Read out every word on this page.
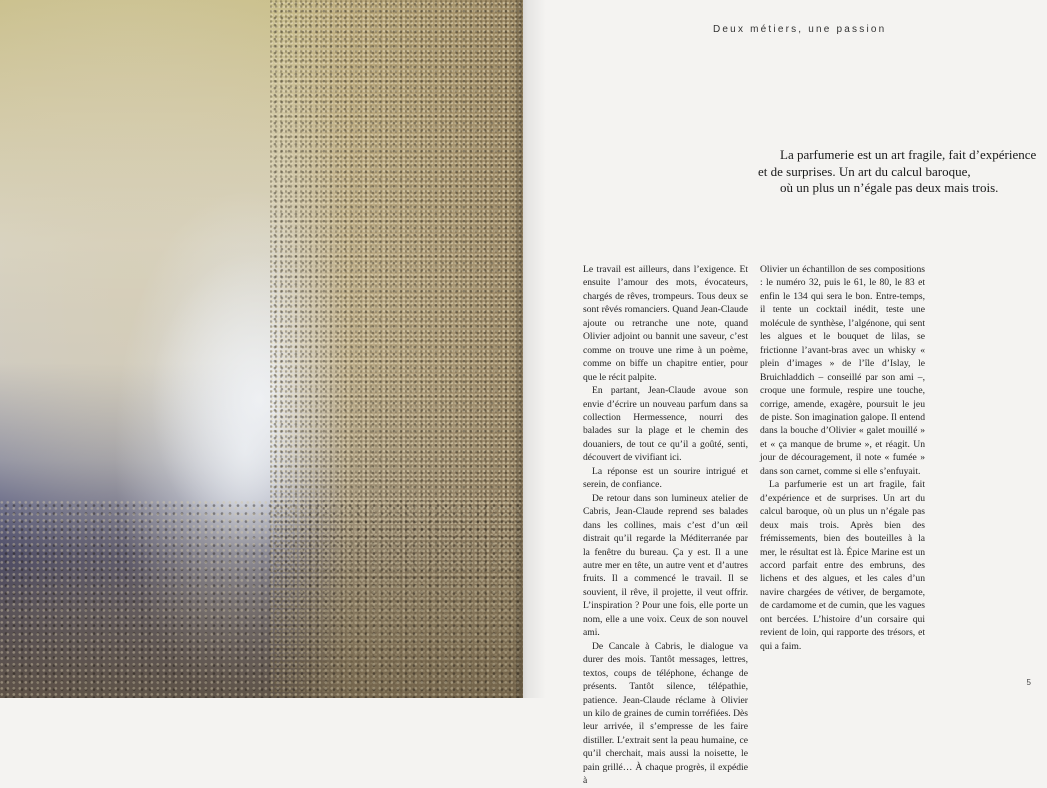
Deux métiers, une passion
La parfumerie est un art fragile, fait d’expérience
et de surprises. Un art du calcul baroque,
où un plus un n’égale pas deux mais trois.

Le travail est ailleurs, dans l’exigence. Et ensuite l’amour des mots, évocateurs, chargés de rêves, trompeurs. Tous deux se sont rêvés romanciers. Quand Jean-Claude ajoute ou retranche une note, quand Olivier adjoint ou bannit une saveur, c’est comme on trouve une rime à un poème, comme on biffe un chapitre entier, pour que le récit palpite.

En partant, Jean-Claude avoue son envie d’écrire un nouveau parfum dans sa collection Hermessence, nourri des balades sur la plage et le chemin des douaniers, de tout ce qu’il a goûté, senti, découvert de vivifiant ici.

La réponse est un sourire intrigué et serein, de confiance.

De retour dans son lumineux atelier de Cabris, Jean-Claude reprend ses balades dans les collines, mais c’est d’un œil distrait qu’il regarde la Méditerranée par la fenêtre du bureau. Ça y est. Il a une autre mer en tête, un autre vent et d’autres fruits. Il a commencé le travail. Il se souvient, il rêve, il projette, il veut offrir. L’inspiration ? Pour une fois, elle porte un nom, elle a une voix. Ceux de son nouvel ami.

De Cancale à Cabris, le dialogue va durer des mois. Tantôt messages, lettres, textos, coups de téléphone, échange de présents. Tantôt silence, télépathie, patience. Jean-Claude réclame à Olivier un kilo de graines de cumin torréfiées. Dès leur arrivée, il s’empresse de les faire distiller. L’extrait sent la peau humaine, ce qu’il cherchait, mais aussi la noisette, le pain grillé… À chaque progrès, il expédie à

Olivier un échantillon de ses compositions : le numéro 32, puis le 61, le 80, le 83 et enfin le 134 qui sera le bon. Entre-temps, il tente un cocktail inédit, teste une molécule de synthèse, l’algénone, qui sent les algues et le bouquet de lilas, se frictionne l’avant-bras avec un whisky « plein d’images » de l’île d’Islay, le Bruichladdich – conseillé par son ami –, croque une formule, respire une touche, corrige, amende, exagère, poursuit le jeu de piste. Son imagination galope. Il entend dans la bouche d’Olivier « galet mouillé » et « ça manque de brume », et réagit. Un jour de découragement, il note « fumée » dans son carnet, comme si elle s’enfuyait.

La parfumerie est un art fragile, fait d’expérience et de surprises. Un art du calcul baroque, où un plus un n’égale pas deux mais trois. Après bien des frémissements, bien des bouteilles à la mer, le résultat est là. Épice Marine est un accord parfait entre des embruns, des lichens et des algues, et les cales d’un navire chargées de vétiver, de bergamote, de cardamome et de cumin, que les vagues ont bercées. L’histoire d’un corsaire qui revient de loin, qui rapporte des trésors, et qui a faim.

5
